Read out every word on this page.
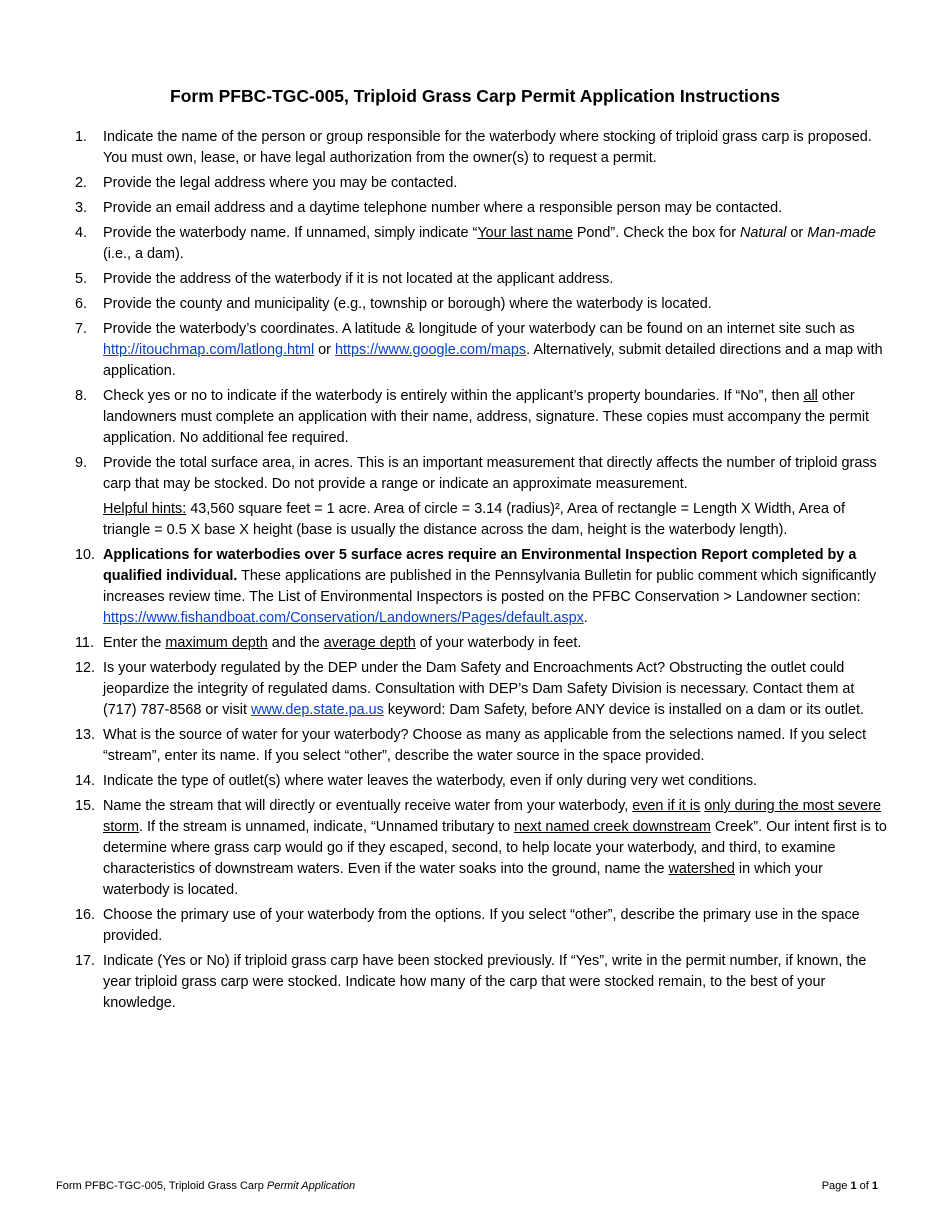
Form PFBC-TGC-005, Triploid Grass Carp Permit Application Instructions
1.	Indicate the name of the person or group responsible for the waterbody where stocking of triploid grass carp is proposed. You must own, lease, or have legal authorization from the owner(s) to request a permit.
2.	Provide the legal address where you may be contacted.
3.	Provide an email address and a daytime telephone number where a responsible person may be contacted.
4.	Provide the waterbody name. If unnamed, simply indicate “Your last name Pond”. Check the box for Natural or Man-made (i.e., a dam).
5.	Provide the address of the waterbody if it is not located at the applicant address.
6.	Provide the county and municipality (e.g., township or borough) where the waterbody is located.
7.	Provide the waterbody’s coordinates. A latitude & longitude of your waterbody can be found on an internet site such as http://itouchmap.com/latlong.html or https://www.google.com/maps. Alternatively, submit detailed directions and a map with application.
8.	Check yes or no to indicate if the waterbody is entirely within the applicant’s property boundaries. If “No”, then all other landowners must complete an application with their name, address, signature. These copies must accompany the permit application. No additional fee required.
9.	Provide the total surface area, in acres. This is an important measurement that directly affects the number of triploid grass carp that may be stocked. Do not provide a range or indicate an approximate measurement.
Helpful hints: 43,560 square feet = 1 acre. Area of circle = 3.14 (radius)², Area of rectangle = Length X Width, Area of triangle = 0.5 X base X height (base is usually the distance across the dam, height is the waterbody length).
10. Applications for waterbodies over 5 surface acres require an Environmental Inspection Report completed by a qualified individual. These applications are published in the Pennsylvania Bulletin for public comment which significantly increases review time. The List of Environmental Inspectors is posted on the PFBC Conservation > Landowner section: https://www.fishandboat.com/Conservation/Landowners/Pages/default.aspx.
11. Enter the maximum depth and the average depth of your waterbody in feet.
12. Is your waterbody regulated by the DEP under the Dam Safety and Encroachments Act? Obstructing the outlet could jeopardize the integrity of regulated dams. Consultation with DEP’s Dam Safety Division is necessary. Contact them at (717) 787-8568 or visit www.dep.state.pa.us keyword: Dam Safety, before ANY device is installed on a dam or its outlet.
13. What is the source of water for your waterbody? Choose as many as applicable from the selections named. If you select “stream”, enter its name. If you select “other”, describe the water source in the space provided.
14. Indicate the type of outlet(s) where water leaves the waterbody, even if only during very wet conditions.
15. Name the stream that will directly or eventually receive water from your waterbody, even if it is only during the most severe storm. If the stream is unnamed, indicate, “Unnamed tributary to next named creek downstream Creek”. Our intent first is to determine where grass carp would go if they escaped, second, to help locate your waterbody, and third, to examine characteristics of downstream waters. Even if the water soaks into the ground, name the watershed in which your waterbody is located.
16. Choose the primary use of your waterbody from the options. If you select “other”, describe the primary use in the space provided.
17. Indicate (Yes or No) if triploid grass carp have been stocked previously. If “Yes”, write in the permit number, if known, the year triploid grass carp were stocked. Indicate how many of the carp that were stocked remain, to the best of your knowledge.
Form PFBC-TGC-005, Triploid Grass Carp Permit Application	Page 1 of 1
